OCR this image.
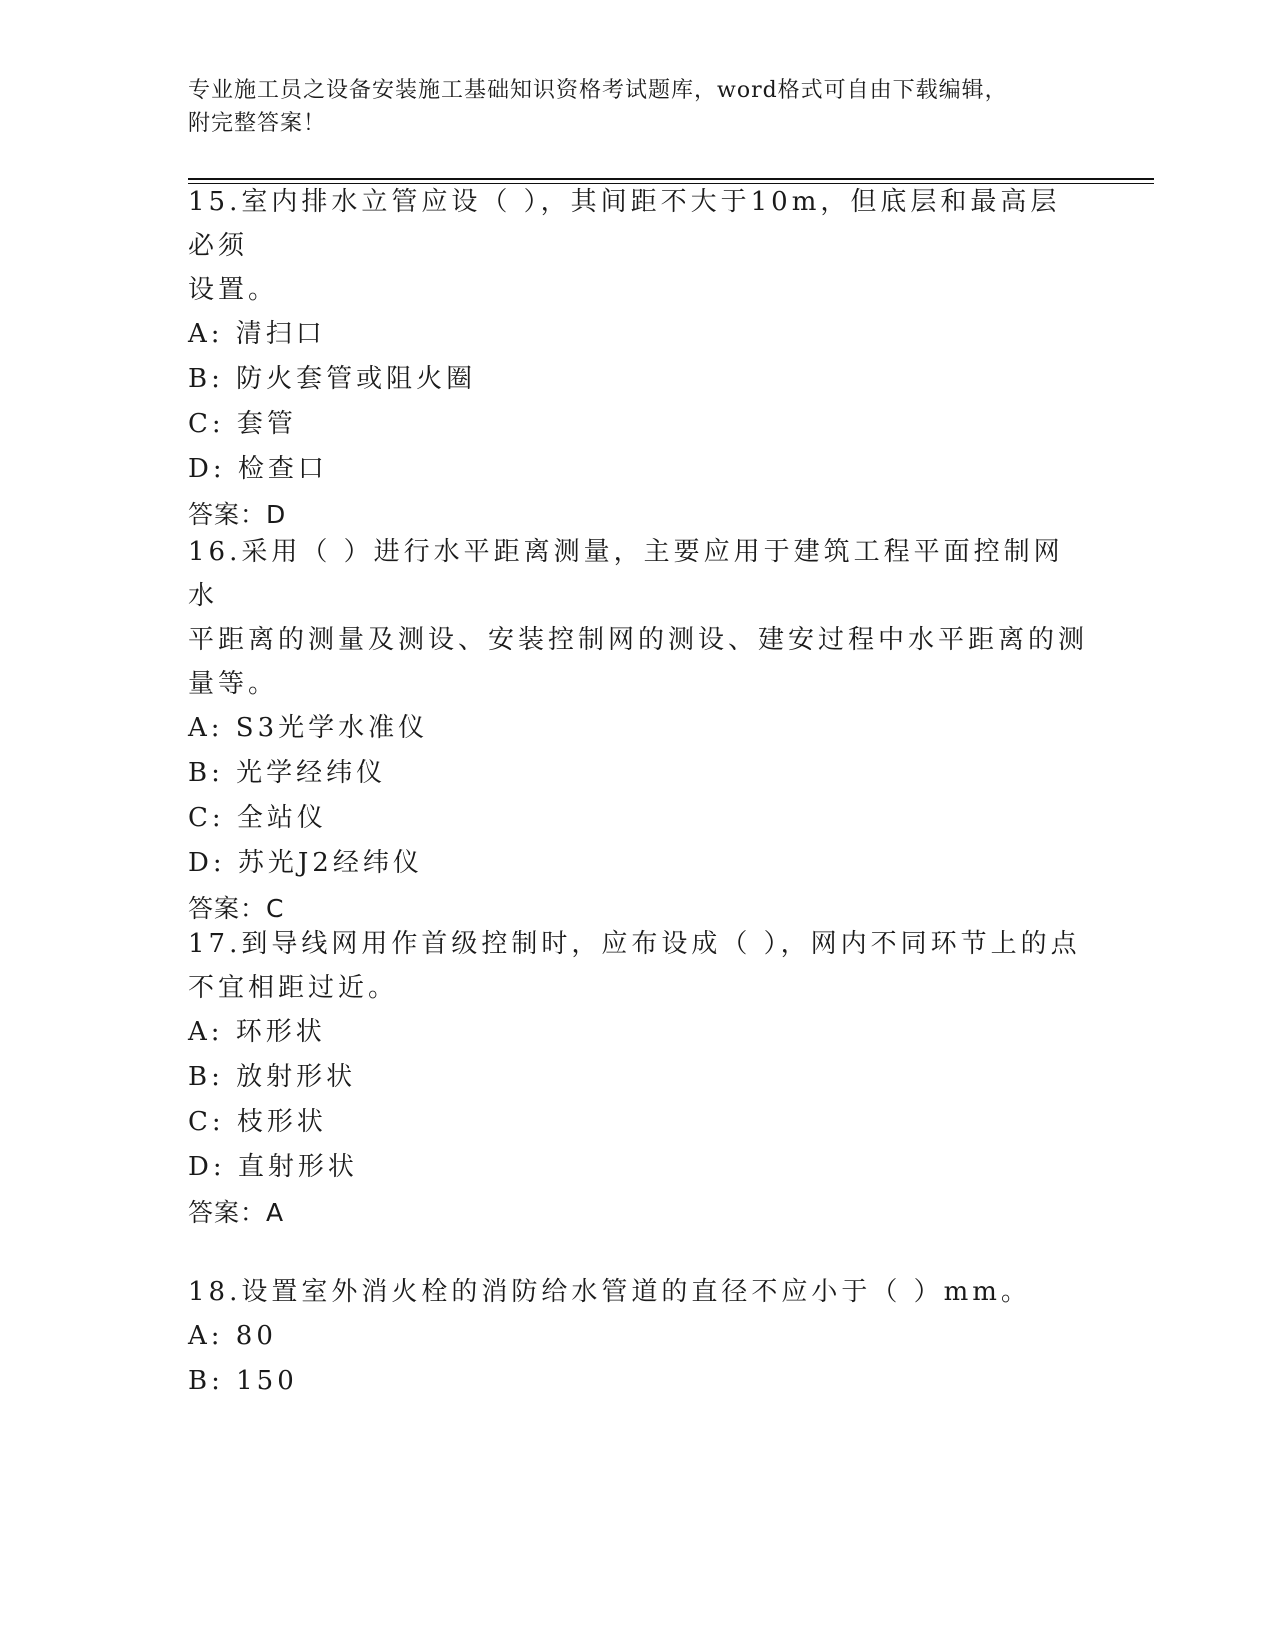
专业施工员之设备安装施工基础知识资格考试题库，word格式可自由下载编辑，
附完整答案！

15.室内排水立管应设（ ），其间距不大于10m，但底层和最高层必须

设置。

A: 清扫口

B: 防火套管或阻火圈

C: 套管

D: 检查口

答案：D

16.采用（ ）进行水平距离测量，主要应用于建筑工程平面控制网水

平距离的测量及测设、安装控制网的测设、建安过程中水平距离的测

量等。

A: S3光学水准仪

B: 光学经纬仪

C: 全站仪

D: 苏光J2经纬仪

答案：C

17.到导线网用作首级控制时，应布设成（ ），网内不同环节上的点

不宜相距过近。

A: 环形状

B: 放射形状

C: 枝形状

D: 直射形状

答案：A

18.设置室外消火栓的消防给水管道的直径不应小于（ ）mm。

A: 80

B: 150
